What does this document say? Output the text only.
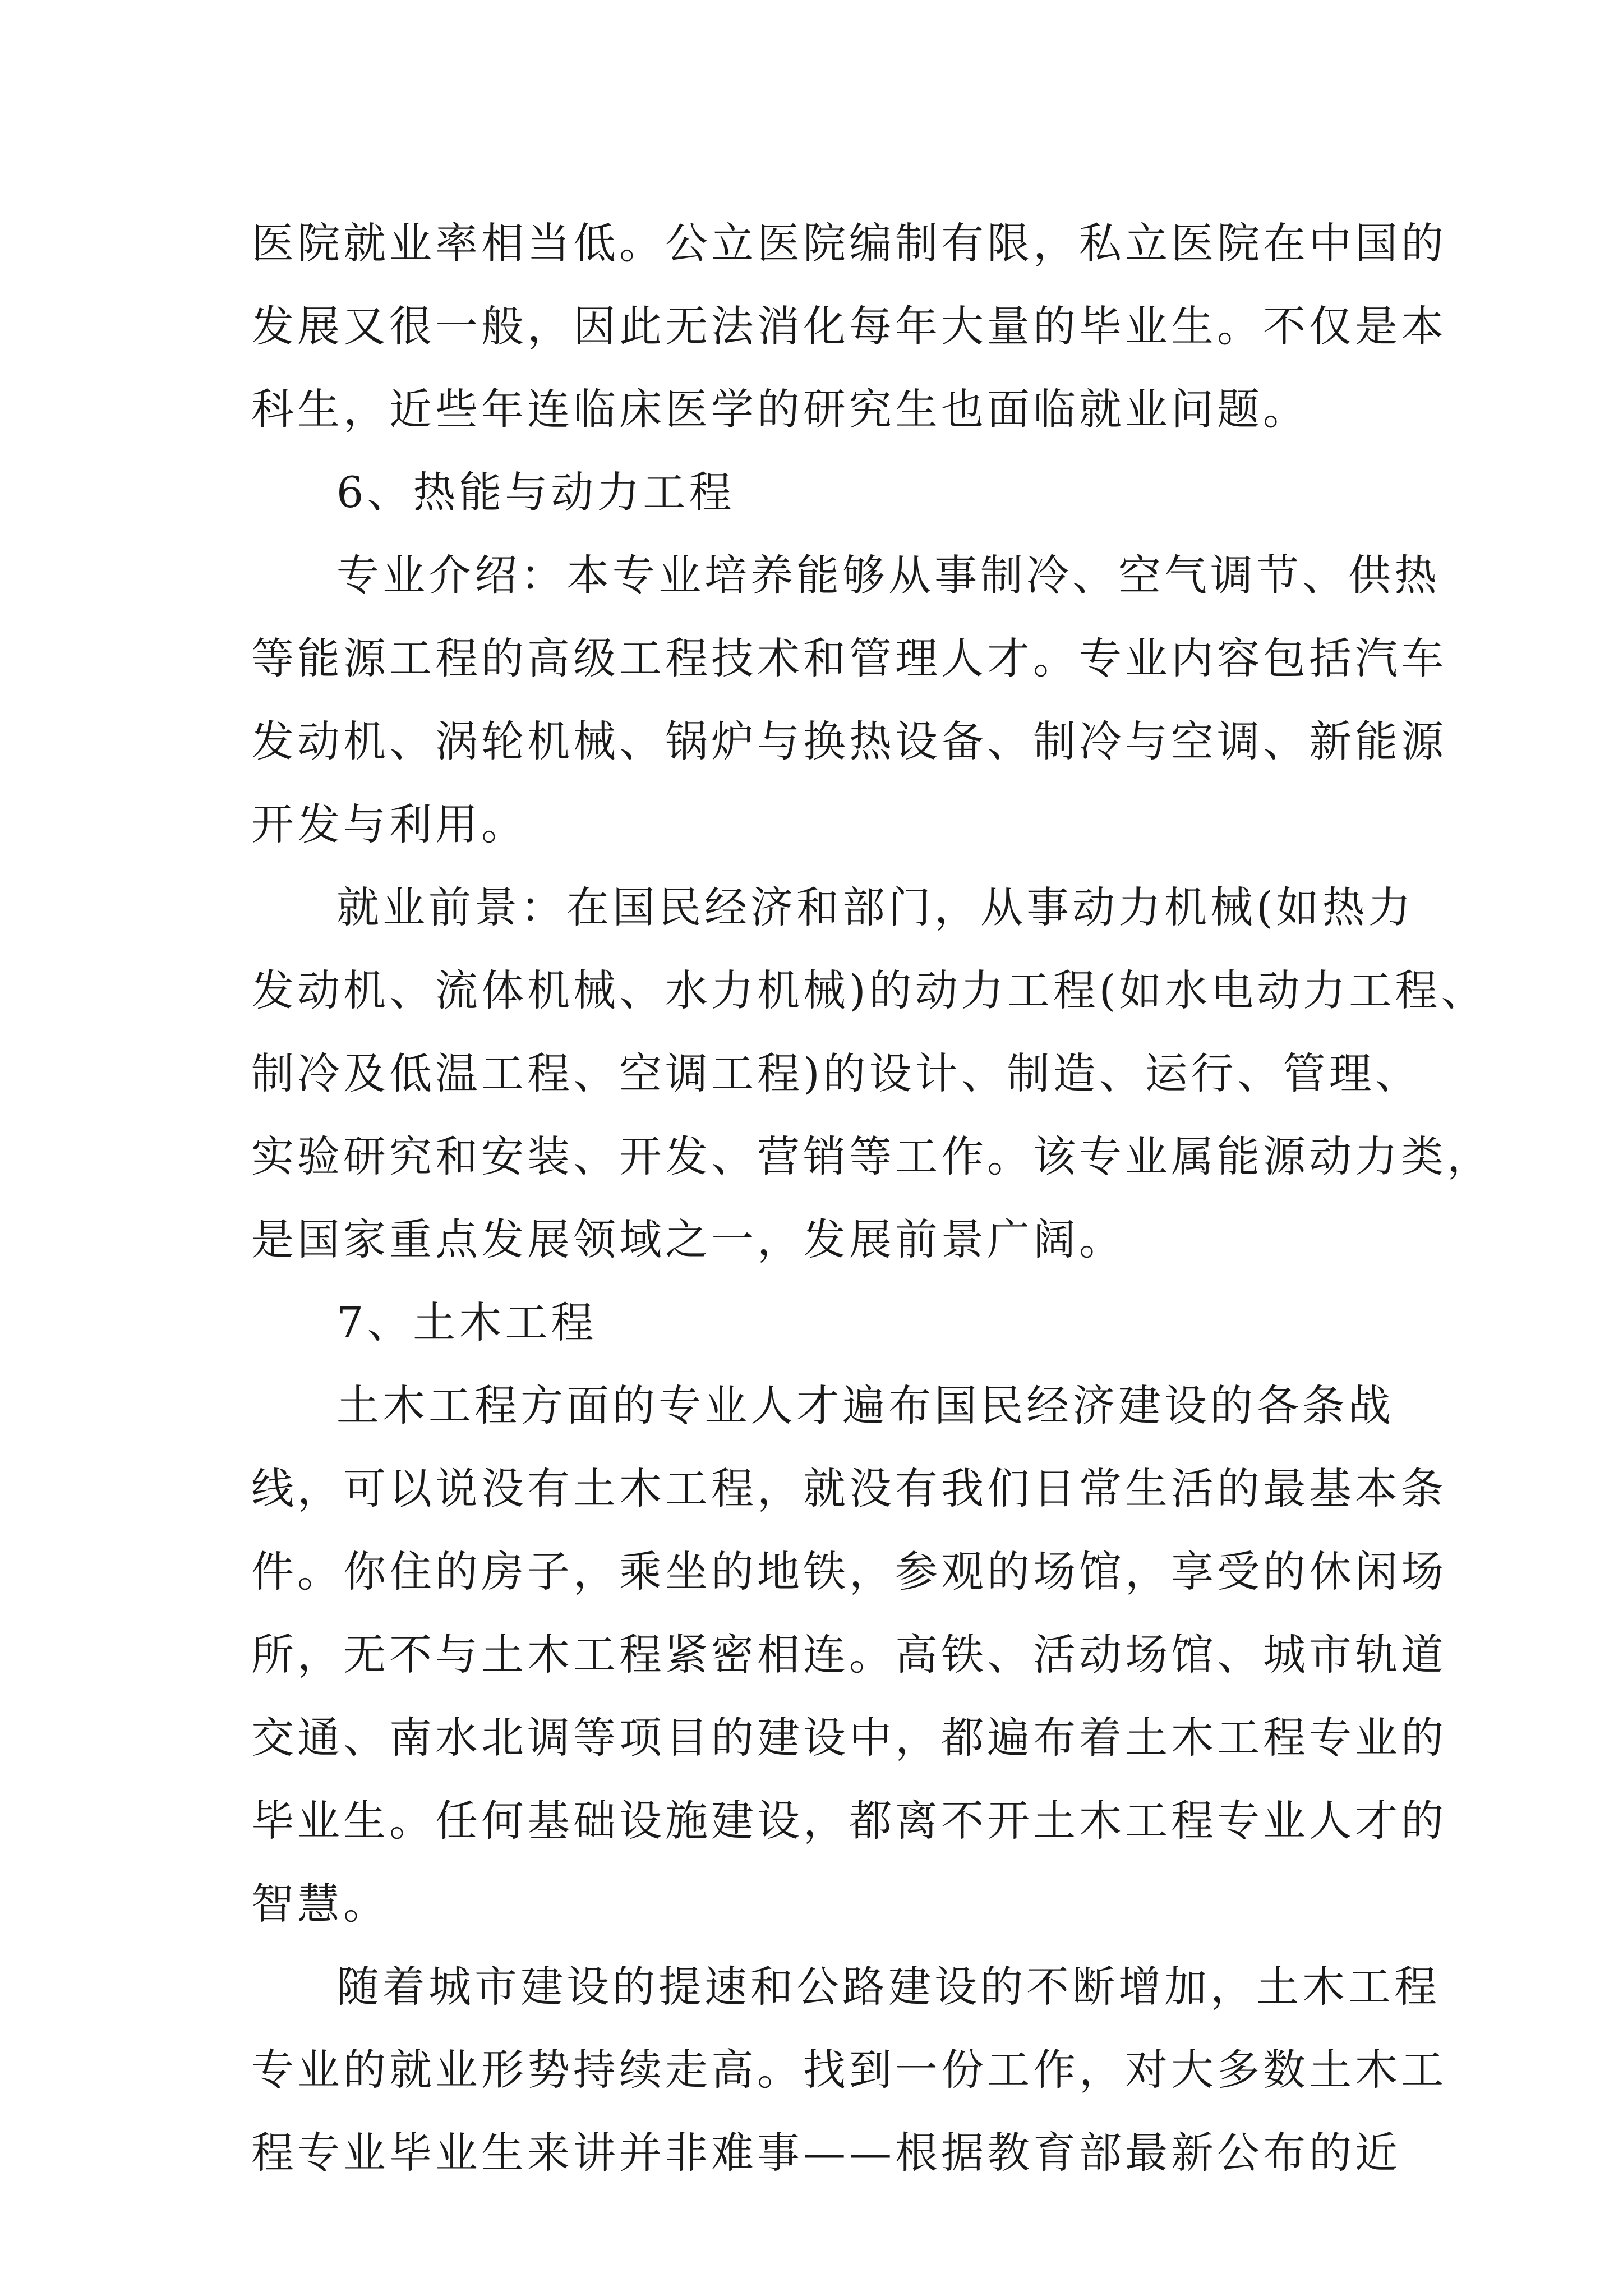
医院就业率相当低。公立医院编制有限，私立医院在中国的
发展又很一般，因此无法消化每年大量的毕业生。不仅是本
科生，近些年连临床医学的研究生也面临就业问题。
6、热能与动力工程
专业介绍：本专业培养能够从事制冷、空气调节、供热
等能源工程的高级工程技术和管理人才。专业内容包括汽车
发动机、涡轮机械、锅炉与换热设备、制冷与空调、新能源
开发与利用。
就业前景：在国民经济和部门，从事动力机械(如热力
发动机、流体机械、水力机械)的动力工程(如水电动力工程、
制冷及低温工程、空调工程)的设计、制造、运行、管理、
实验研究和安装、开发、营销等工作。该专业属能源动力类，
是国家重点发展领域之一，发展前景广阔。
7、土木工程
土木工程方面的专业人才遍布国民经济建设的各条战
线，可以说没有土木工程，就没有我们日常生活的最基本条
件。你住的房子，乘坐的地铁，参观的场馆，享受的休闲场
所，无不与土木工程紧密相连。高铁、活动场馆、城市轨道
交通、南水北调等项目的建设中，都遍布着土木工程专业的
毕业生。任何基础设施建设，都离不开土木工程专业人才的
智慧。
随着城市建设的提速和公路建设的不断增加，土木工程
专业的就业形势持续走高。找到一份工作，对大多数土木工
程专业毕业生来讲并非难事——根据教育部最新公布的近
